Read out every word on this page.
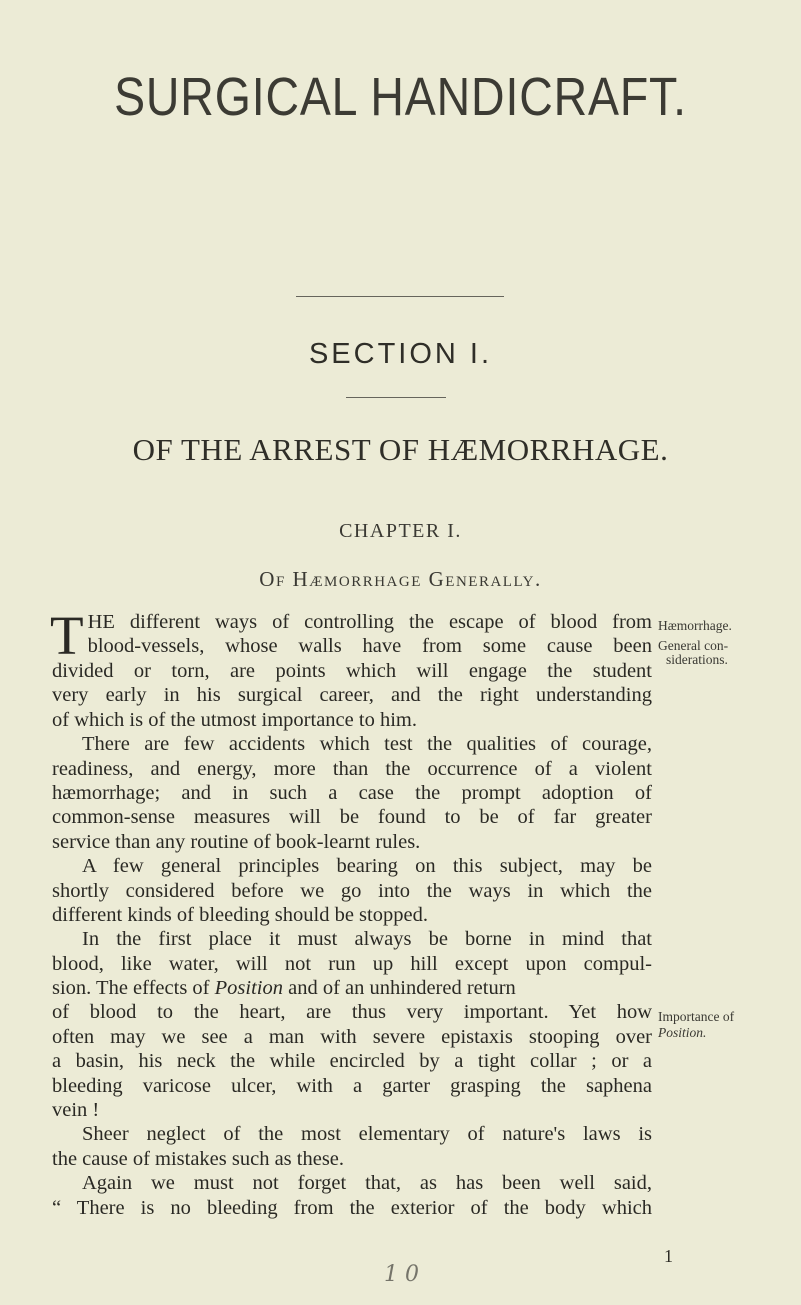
SURGICAL HANDICRAFT.
SECTION I.
OF THE ARREST OF HÆMORRHAGE.
CHAPTER I.
Of Hæmorrhage Generally.
T HE different ways of controlling the escape of blood from
blood-vessels, whose walls have from some cause been
divided or torn, are points which will engage the student
very early in his surgical career, and the right understanding
of which is of the utmost importance to him.
There are few accidents which test the qualities of courage,
readiness, and energy, more than the occurrence of a violent
hæmorrhage; and in such a case the prompt adoption of
common-sense measures will be found to be of far greater
service than any routine of book-learnt rules.
A few general principles bearing on this subject, may be
shortly considered before we go into the ways in which the
different kinds of bleeding should be stopped.
In the first place it must always be borne in mind that
blood, like water, will not run up hill except upon compul-
sion. The effects of Position and of an unhindered return
of blood to the heart, are thus very important. Yet how
often may we see a man with severe epistaxis stooping over
a basin, his neck the while encircled by a tight collar ; or a
bleeding varicose ulcer, with a garter grasping the saphena
vein !
Sheer neglect of the most elementary of nature's laws is
the cause of mistakes such as these.
Again we must not forget that, as has been well said,
“ There is no bleeding from the exterior of the body which
Hæmorrhage.
General con-
siderations.
Importance of
Position.
1
1 0
